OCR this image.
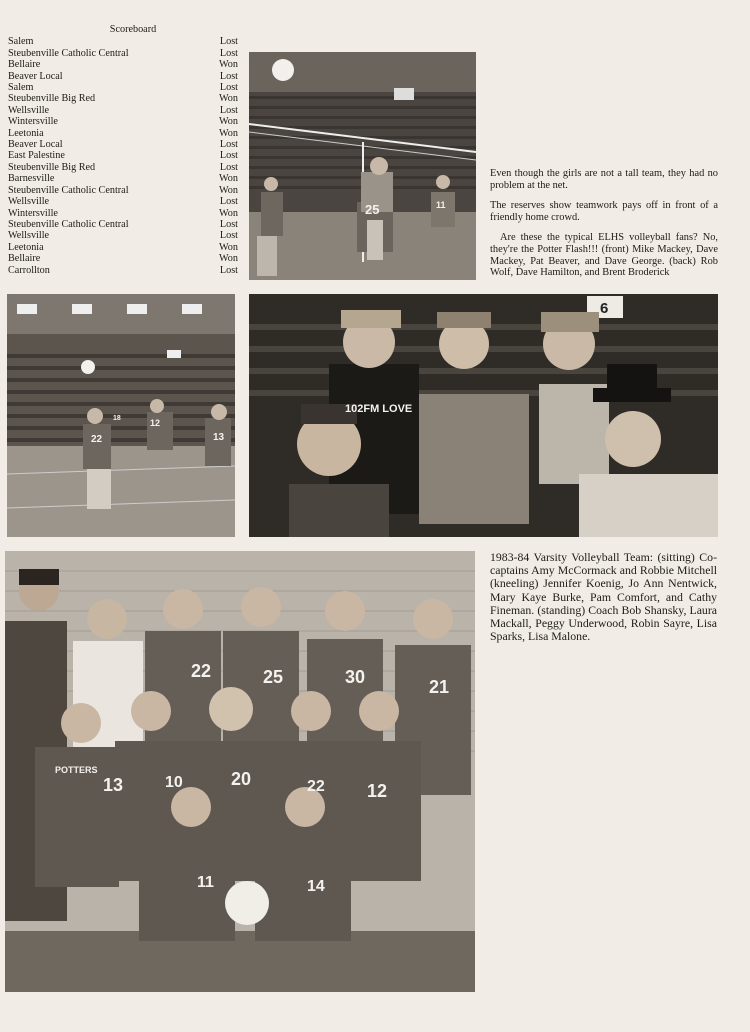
Scoreboard
Salem	Lost
Steubenville Catholic Central	Lost
Bellaire	Won
Beaver Local	Lost
Salem	Lost
Steubenville Big Red	Won
Wellsville	Lost
Wintersville	Won
Leetonia	Won
Beaver Local	Lost
East Palestine	Lost
Steubenville Big Red	Lost
Barnesville	Won
Steubenville Catholic Central	Won
Wellsville	Lost
Wintersville	Won
Steubenville Catholic Central	Lost
Wellsville	Lost
Leetonia	Won
Bellaire	Won
Carrollton	Lost
25	11

Even though the girls are not a tall team, they had no problem at the net.

The reserves show teamwork pays off in front of a friendly home crowd.

Are these the typical ELHS volleyball fans? No, they're the Potter Flash!!! (front) Mike Mackey, Dave Mackey, Pat Beaver, and Dave George. (back) Rob Wolf, Dave Hamilton, and Brent Broderick

22
18	12
13
6
102FM LOVE
22	25	30	21
13	10	20	22 12
11	14
POTTERS
1983-84 Varsity Volleyball Team: (sitting) Co-captains Amy McCormack and Robbie Mitchell (kneeling) Jennifer Koenig, Jo Ann Nentwick, Mary Kaye Burke, Pam Comfort, and Cathy Fineman. (standing) Coach Bob Shansky, Laura Mackall, Peggy Underwood, Robin Sayre, Lisa Sparks, Lisa Malone.
